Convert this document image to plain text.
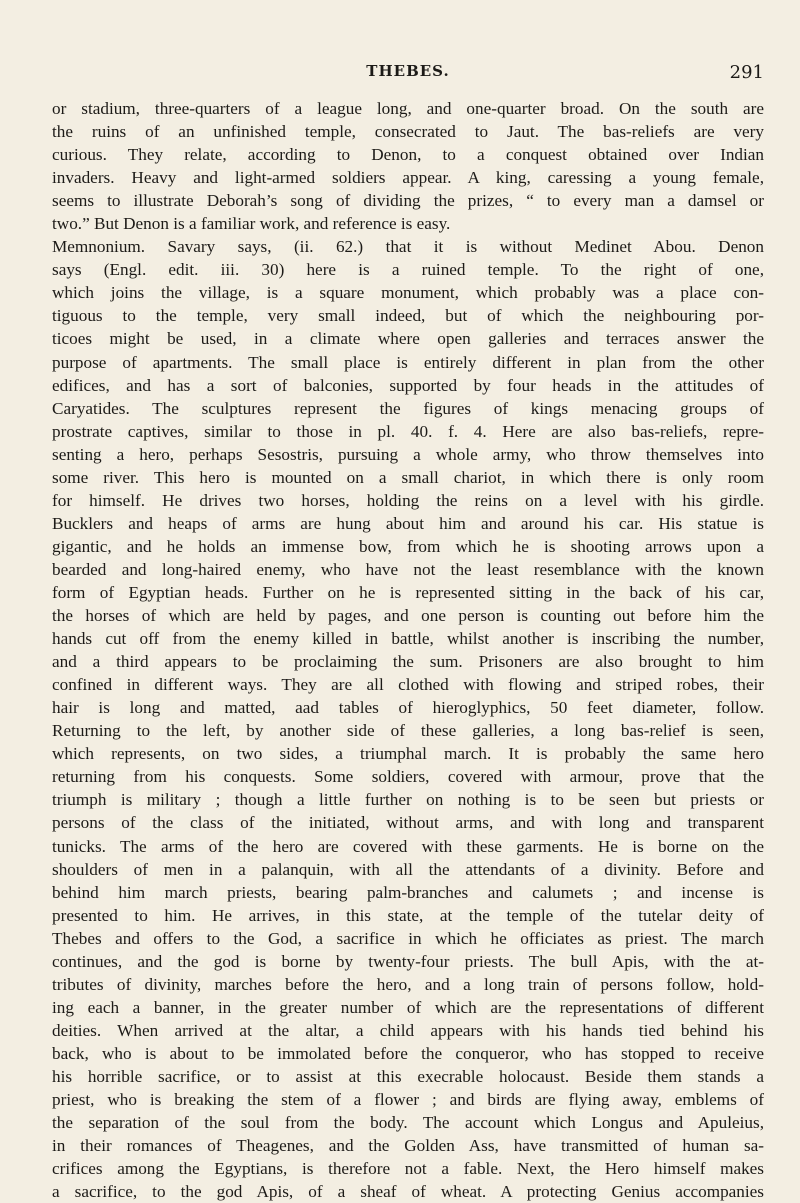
THEBES.	291
or stadium, three-quarters of a league long, and one-quarter broad. On the south are
the ruins of an unfinished temple, consecrated to Jaut. The bas-reliefs are very
curious. They relate, according to Denon, to a conquest obtained over Indian
invaders. Heavy and light-armed soldiers appear. A king, caressing a young female,
seems to illustrate Deborah’s song of dividing the prizes, “ to every man a damsel or
two.” But Denon is a familiar work, and reference is easy.
Memnonium. Savary says, (ii. 62.) that it is without Medinet Abou. Denon
says (Engl. edit. iii. 30) here is a ruined temple. To the right of one,
which joins the village, is a square monument, which probably was a place con-
tiguous to the temple, very small indeed, but of which the neighbouring por-
ticoes might be used, in a climate where open galleries and terraces answer the
purpose of apartments. The small place is entirely different in plan from the other
edifices, and has a sort of balconies, supported by four heads in the attitudes of
Caryatides. The sculptures represent the figures of kings menacing groups of
prostrate captives, similar to those in pl. 40. f. 4. Here are also bas-reliefs, repre-
senting a hero, perhaps Sesostris, pursuing a whole army, who throw themselves into
some river. This hero is mounted on a small chariot, in which there is only room
for himself. He drives two horses, holding the reins on a level with his girdle.
Bucklers and heaps of arms are hung about him and around his car. His statue is
gigantic, and he holds an immense bow, from which he is shooting arrows upon a
bearded and long-haired enemy, who have not the least resemblance with the known
form of Egyptian heads. Further on he is represented sitting in the back of his car,
the horses of which are held by pages, and one person is counting out before him the
hands cut off from the enemy killed in battle, whilst another is inscribing the number,
and a third appears to be proclaiming the sum. Prisoners are also brought to him
confined in different ways. They are all clothed with flowing and striped robes, their
hair is long and matted, aad tables of hieroglyphics, 50 feet diameter, follow.
Returning to the left, by another side of these galleries, a long bas-relief is seen,
which represents, on two sides, a triumphal march. It is probably the same hero
returning from his conquests. Some soldiers, covered with armour, prove that the
triumph is military ; though a little further on nothing is to be seen but priests or
persons of the class of the initiated, without arms, and with long and transparent
tunicks. The arms of the hero are covered with these garments. He is borne on the
shoulders of men in a palanquin, with all the attendants of a divinity. Before and
behind him march priests, bearing palm-branches and calumets ; and incense is
presented to him. He arrives, in this state, at the temple of the tutelar deity of
Thebes and offers to the God, a sacrifice in which he officiates as priest. The march
continues, and the god is borne by twenty-four priests. The bull Apis, with the at-
tributes of divinity, marches before the hero, and a long train of persons follow, hold-
ing each a banner, in the greater number of which are the representations of different
deities. When arrived at the altar, a child appears with his hands tied behind his
back, who is about to be immolated before the conqueror, who has stopped to receive
his horrible sacrifice, or to assist at this execrable holocaust. Beside them stands a
priest, who is breaking the stem of a flower ; and birds are flying away, emblems of
the separation of the soul from the body. The account which Longus and Apuleius,
in their romances of Theagenes, and the Golden Ass, have transmitted of human sa-
crifices among the Egyptians, is therefore not a fable. Next, the Hero himself makes
a sacrifice, to the god Apis, of a sheaf of wheat. A protecting Genius accompanies
